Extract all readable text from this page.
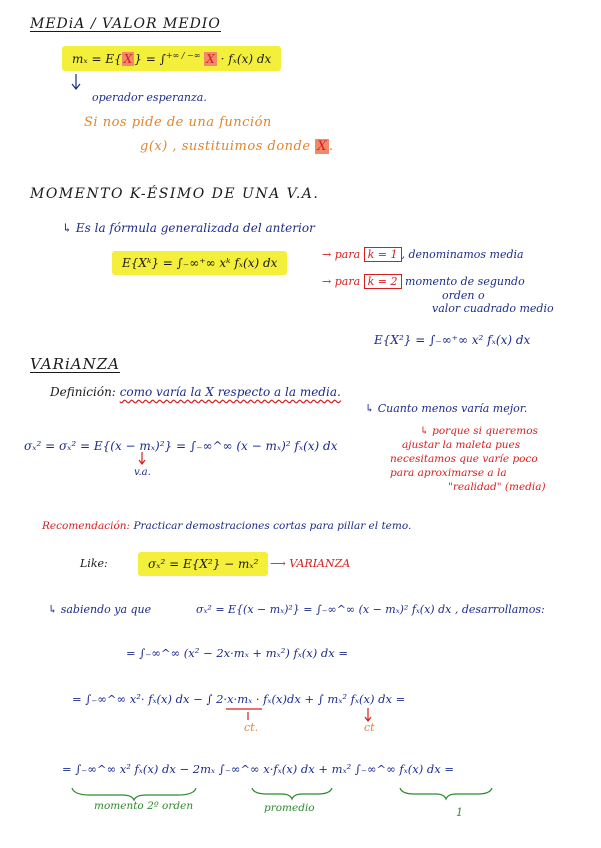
MEDiA / VALOR MEDIO
mₓ = E{ X } = ∫+∞ / −∞ X · fₓ(x) dx
operador esperanza.
Si nos pide de una función
g(x) , sustituimos donde X .
MOMENTO K-ÉSIMO DE UNA V.A.
↳ Es la fórmula generalizada del anterior
E{Xᵏ} = ∫₋∞⁺∞ xᵏ fₓ(x) dx
→ para k = 1 , denominamos media
→ para k = 2 momento de segundo
orden o
valor cuadrado medio
E{X²} = ∫₋∞⁺∞ x² fₓ(x) dx
VARiANZA
Definición: como varía la X respecto a la media.
↳ Cuanto menos varía mejor.
σₓ² = 𝜎ₓ² = E{(x − mₓ)²} = ∫₋∞^∞ (x − mₓ)² fₓ(x) dx
v.a.
↳ porque si queremos
ajustar la maleta pues
necesitamos que varíe poco
para aproximarse a la
"realidad" (media)
Recomendación: Practicar demostraciones cortas para pillar el temo.
Like:	𝜎ₓ² = E{X²} − mₓ²	⟶ VARIANZA
↳ sabiendo ya que	𝜎ₓ² = E{(x − mₓ)²} = ∫₋∞^∞ (x − mₓ)² fₓ(x) dx , desarrollamos:
= ∫₋∞^∞ (x² − 2x·mₓ + mₓ²) fₓ(x) dx =
= ∫₋∞^∞ x²· fₓ(x) dx − ∫ 2·x·mₓ · fₓ(x)dx + ∫ mₓ² fₓ(x) dx =
ct.	ct
= ∫₋∞^∞ x² fₓ(x) dx − 2mₓ ∫₋∞^∞ x·fₓ(x) dx + mₓ² ∫₋∞^∞ fₓ(x) dx =
momento 2º orden	promedio	1
